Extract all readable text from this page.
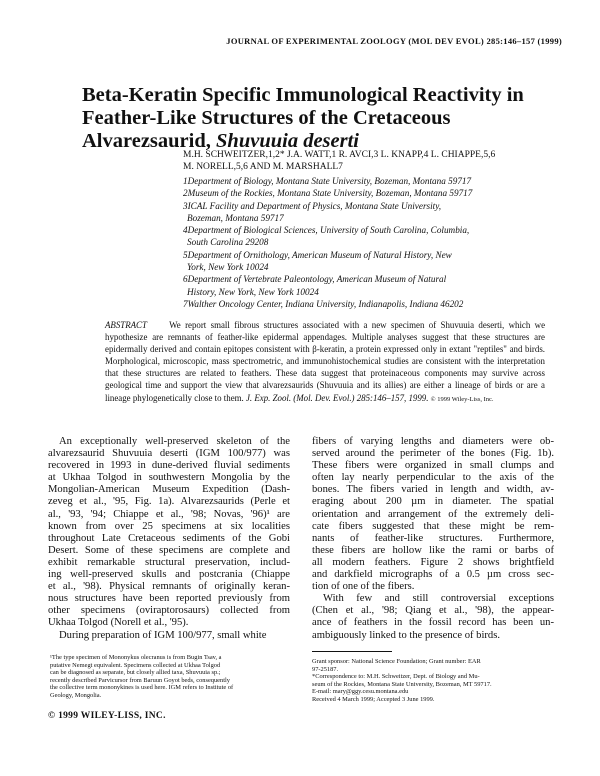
JOURNAL OF EXPERIMENTAL ZOOLOGY (MOL DEV EVOL) 285:146–157 (1999)
Beta-Keratin Specific Immunological Reactivity in
Feather-Like Structures of the Cretaceous
Alvarezsaurid, Shuvuuia deserti
M.H. SCHWEITZER,1,2* J.A. WATT,1 R. AVCI,3 L. KNAPP,4 L. CHIAPPE,5,6
M. NORELL,5,6 AND M. MARSHALL7
1Department of Biology, Montana State University, Bozeman, Montana 59717
2Museum of the Rockies, Montana State University, Bozeman, Montana 59717
3ICAL Facility and Department of Physics, Montana State University,
Bozeman, Montana 59717
4Department of Biological Sciences, University of South Carolina, Columbia,
South Carolina 29208
5Department of Ornithology, American Museum of Natural History, New
York, New York 10024
6Department of Vertebrate Paleontology, American Museum of Natural
History, New York, New York 10024
7Walther Oncology Center, Indiana University, Indianapolis, Indiana 46202
ABSTRACT We report small fibrous structures associated with a new specimen of Shuvuuia deserti, which we hypothesize are remnants of feather-like epidermal appendages. Multiple analyses suggest that these structures are epidermally derived and contain epitopes consistent with β-keratin, a protein expressed only in extant "reptiles" and birds. Morphological, microscopic, mass spectrometric, and immunohistochemical studies are consistent with the interpretation that these structures are related to feathers. These data suggest that proteinaceous components may survive across geological time and support the view that alvarezsaurids (Shuvuuia and its allies) are either a lineage of birds or are a lineage phylogenetically close to them. J. Exp. Zool. (Mol. Dev. Evol.) 285:146–157, 1999. © 1999 Wiley-Liss, Inc.
An exceptionally well-preserved skeleton of the
alvarezsaurid Shuvuuia deserti (IGM 100/977) was
recovered in 1993 in dune-derived fluvial sediments
at Ukhaa Tolgod in southwestern Mongolia by the
Mongolian-American Museum Expedition (Dash-
zeveg et al., '95, Fig. 1a). Alvarezsaurids (Perle et
al., '93, '94; Chiappe et al., '98; Novas, '96)¹ are
known from over 25 specimens at six localities
throughout Late Cretaceous sediments of the Gobi
Desert. Some of these specimens are complete and
exhibit remarkable structural preservation, includ-
ing well-preserved skulls and postcrania (Chiappe
et al., '98). Physical remnants of originally keran-
nous structures have been reported previously from
other specimens (oviraptorosaurs) collected from
Ukhaa Tolgod (Norell et al., '95).
During preparation of IGM 100/977, small white
fibers of varying lengths and diameters were ob-
served around the perimeter of the bones (Fig. 1b).
These fibers were organized in small clumps and
often lay nearly perpendicular to the axis of the
bones. The fibers varied in length and width, av-
eraging about 200 µm in diameter. The spatial
orientation and arrangement of the extremely deli-
cate fibers suggested that these might be rem-
nants of feather-like structures. Furthermore,
these fibers are hollow like the rami or barbs of
all modern feathers. Figure 2 shows brightfield
and darkfield micrographs of a 0.5 µm cross sec-
tion of one of the fibers.
With few and still controversial exceptions
(Chen et al., '98; Qiang et al., '98), the appear-
ance of feathers in the fossil record has been un-
ambiguously linked to the presence of birds.
¹The type specimen of Mononykus olecranus is from Bugin Tsav, a
putative Nemegt equivalent. Specimens collected at Ukhaa Tolgod
can be diagnosed as separate, but closely allied taxa, Shuvuuia sp.;
recently described Parvicursor from Baruun Goyot beds, consequently
the collective term mononykines is used here. IGM refers to Institute of
Geology, Mongolia.
Grant sponsor: National Science Foundation; Grant number: EAR
97-25187.
*Correspondence to: M.H. Schweitzer, Dept. of Biology and Mu-
seum of the Rockies, Montana State University, Bozeman, MT 59717.
E-mail: mary@ggy.cesu.montana.edu
Received 4 March 1999; Accepted 3 June 1999.
© 1999 WILEY-LISS, INC.
